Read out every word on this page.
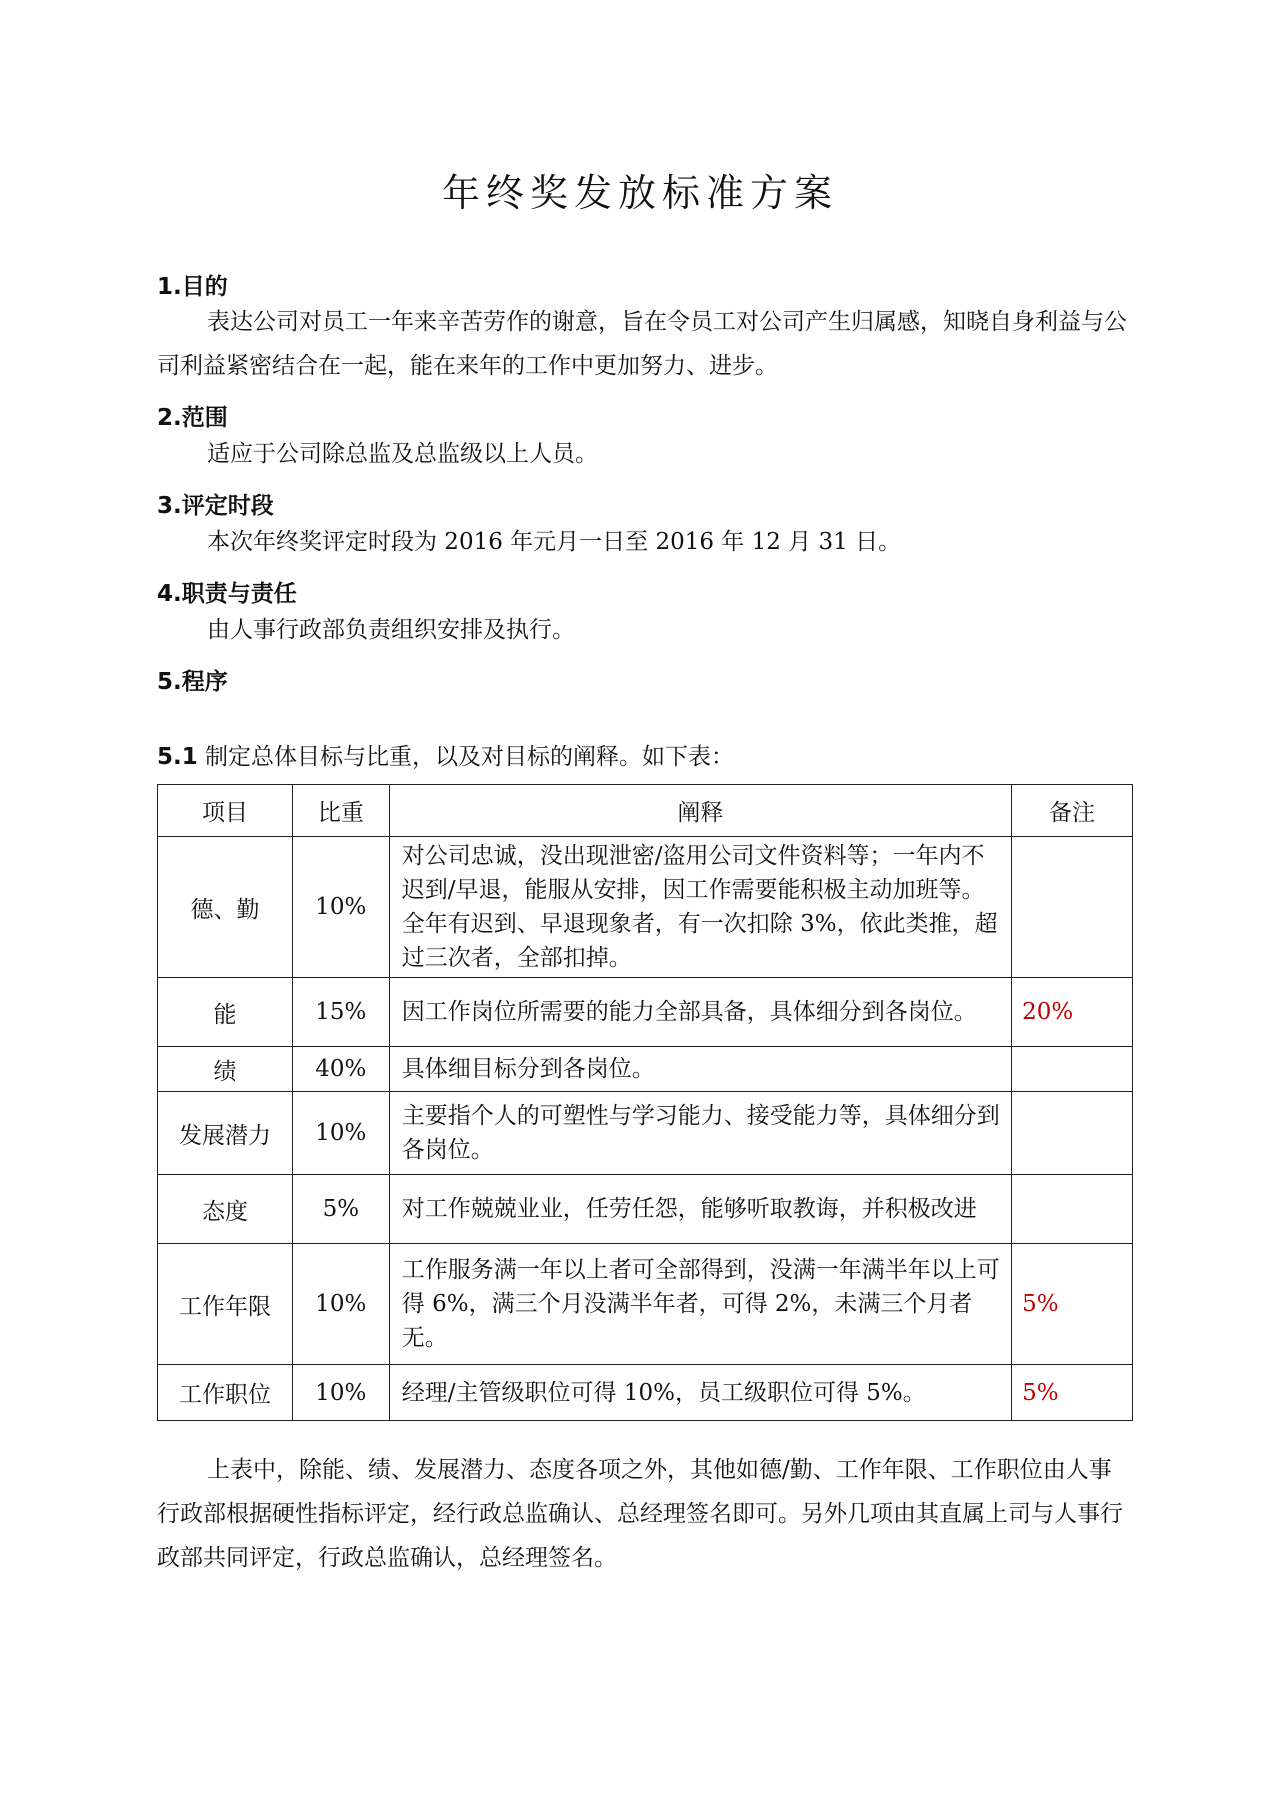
年终奖发放标准方案
1.目的
表达公司对员工一年来辛苦劳作的谢意，旨在令员工对公司产生归属感，知晓自身利益与公司利益紧密结合在一起，能在来年的工作中更加努力、进步。
2.范围
适应于公司除总监及总监级以上人员。
3.评定时段
本次年终奖评定时段为 2016 年元月一日至 2016 年 12 月 31 日。
4.职责与责任
由人事行政部负责组织安排及执行。
5.程序
5.1 制定总体目标与比重，以及对目标的阐释。如下表：
项目	比重	阐释	备注
德、勤	10%	对公司忠诚，没出现泄密/盗用公司文件资料等；一年内不迟到/早退，能服从安排，因工作需要能积极主动加班等。全年有迟到、早退现象者，有一次扣除 3%，依此类推，超过三次者，全部扣掉。	
能	15%	因工作岗位所需要的能力全部具备，具体细分到各岗位。	20%
绩	40%	具体细目标分到各岗位。	
发展潜力	10%	主要指个人的可塑性与学习能力、接受能力等，具体细分到各岗位。	
态度	5%	对工作兢兢业业，任劳任怨，能够听取教诲，并积极改进	
工作年限	10%	工作服务满一年以上者可全部得到，没满一年满半年以上可得 6%，满三个月没满半年者，可得 2%，未满三个月者无。	5%
工作职位	10%	经理/主管级职位可得 10%，员工级职位可得 5%。	5%
上表中，除能、绩、发展潜力、态度各项之外，其他如德/勤、工作年限、工作职位由人事行政部根据硬性指标评定，经行政总监确认、总经理签名即可。另外几项由其直属上司与人事行政部共同评定，行政总监确认，总经理签名。
